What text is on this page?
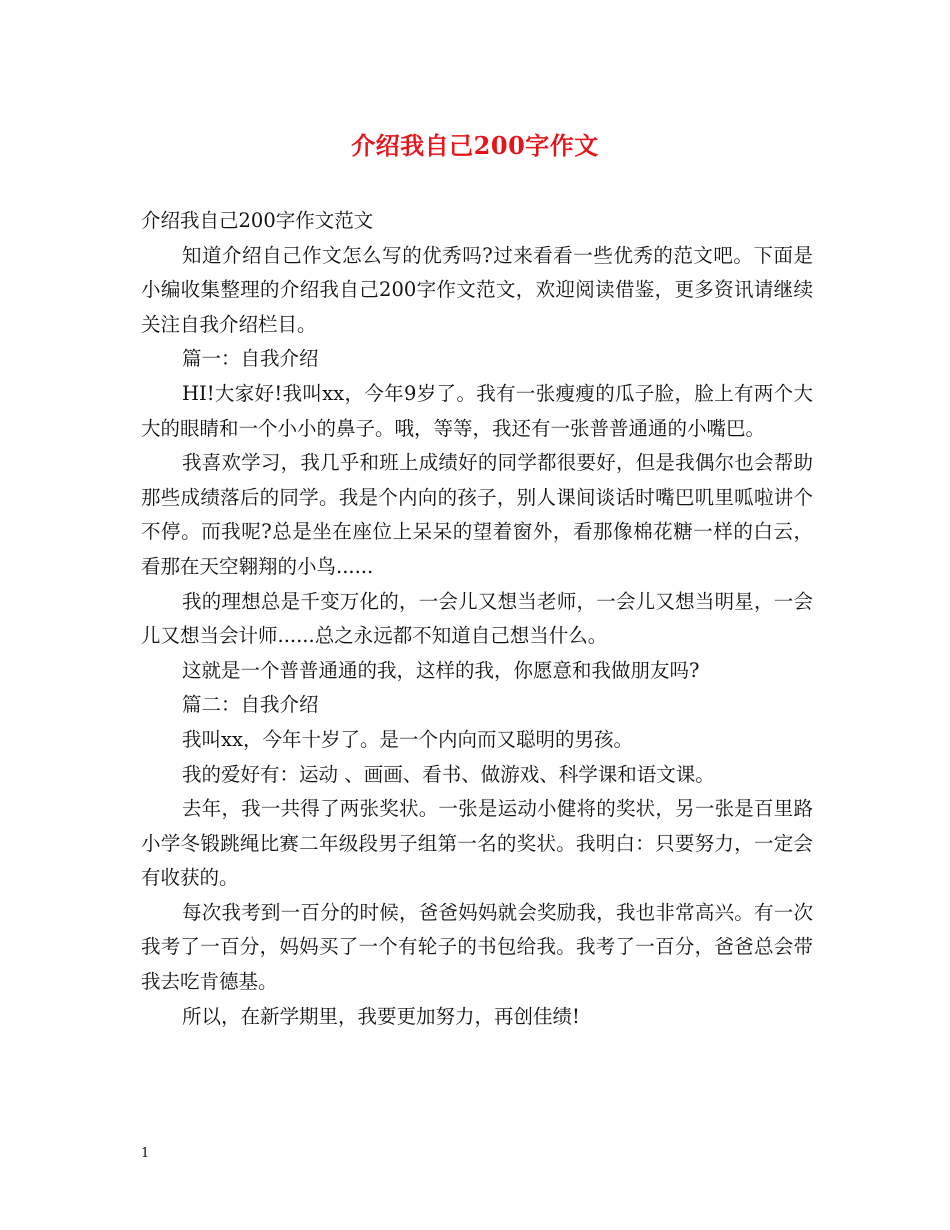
介绍我自己200字作文

介绍我自己200字作文范文

知道介绍自己作文怎么写的优秀吗?过来看看一些优秀的范文吧。下面是小编收集整理的介绍我自己200字作文范文，欢迎阅读借鉴，更多资讯请继续关注自我介绍栏目。

篇一：自我介绍

HI!大家好!我叫xx，今年9岁了。我有一张瘦瘦的瓜子脸，脸上有两个大大的眼睛和一个小小的鼻子。哦，等等，我还有一张普普通通的小嘴巴。

我喜欢学习，我几乎和班上成绩好的同学都很要好，但是我偶尔也会帮助那些成绩落后的同学。我是个内向的孩子，别人课间谈话时嘴巴叽里呱啦讲个不停。而我呢?总是坐在座位上呆呆的望着窗外，看那像棉花糖一样的白云，看那在天空翱翔的小鸟......

我的理想总是千变万化的，一会儿又想当老师，一会儿又想当明星，一会儿又想当会计师......总之永远都不知道自己想当什么。

这就是一个普普通通的我，这样的我，你愿意和我做朋友吗?

篇二：自我介绍

我叫xx，今年十岁了。是一个内向而又聪明的男孩。

我的爱好有：运动 、画画、看书、做游戏、科学课和语文课。

去年，我一共得了两张奖状。一张是运动小健将的奖状，另一张是百里路小学冬锻跳绳比赛二年级段男子组第一名的奖状。我明白：只要努力，一定会有收获的。

每次我考到一百分的时候，爸爸妈妈就会奖励我，我也非常高兴。有一次我考了一百分，妈妈买了一个有轮子的书包给我。我考了一百分，爸爸总会带我去吃肯德基。

所以，在新学期里，我要更加努力，再创佳绩!

1
